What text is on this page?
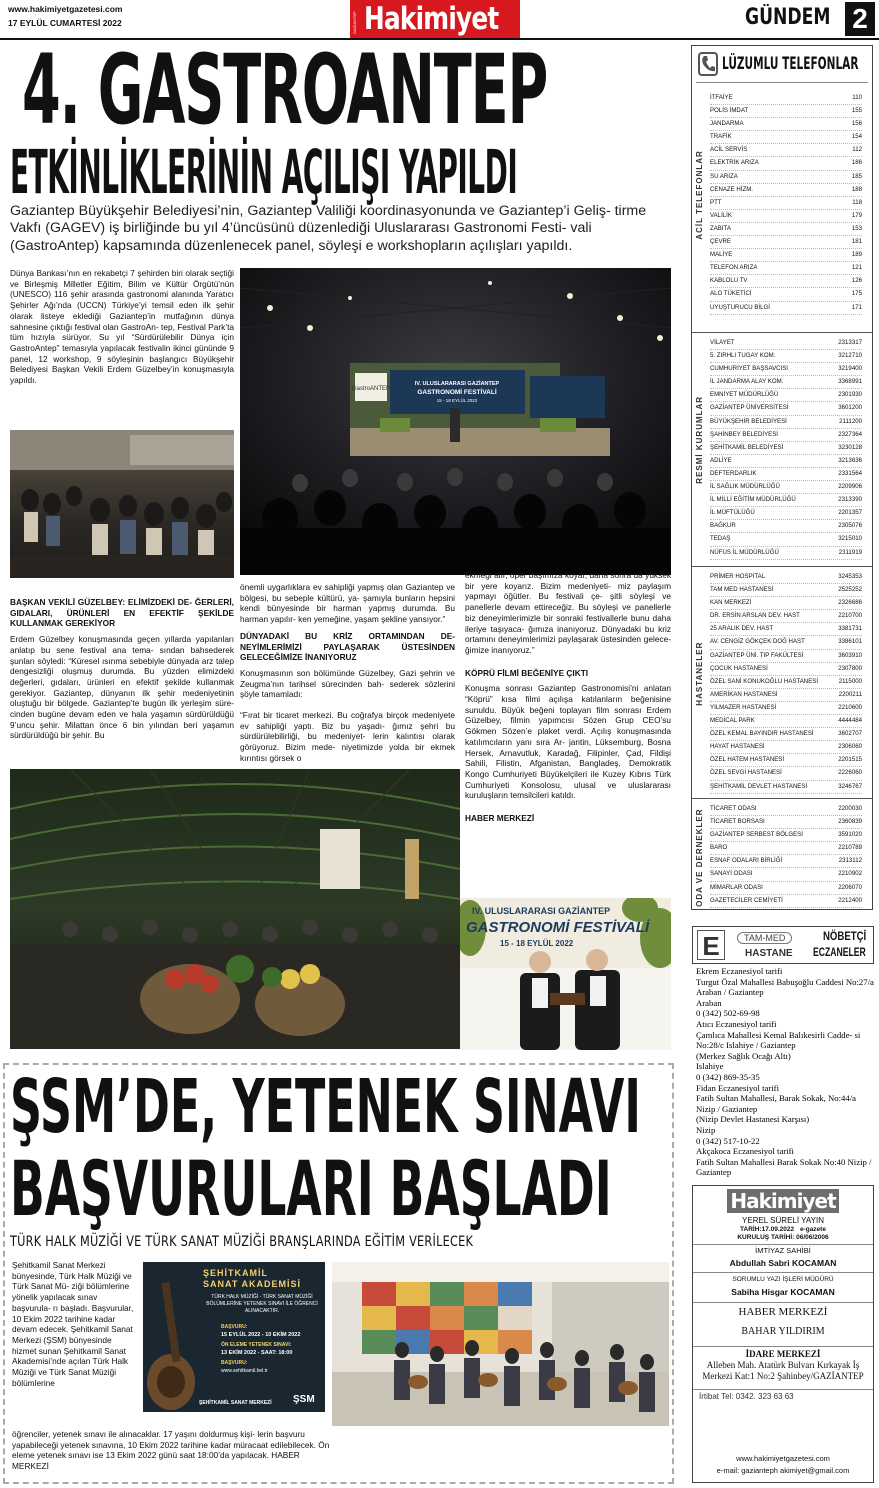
www.hakimiyetgazetesi.com
17 EYLÜL CUMARTESİ 2022	GAZİANTEP Hakimiyet	GÜNDEM 2
4. GASTROANTEP
ETKİNLİKLERİNİN AÇILIŞI YAPILDI
Gaziantep Büyükşehir Belediyesi’nin, Gaziantep Valiliği koordinasyonunda ve Gaziantep’i Geliş- tirme Vakfı (GAGEV) iş birliğinde bu yıl 4’üncüsünü düzenlediği Uluslararası Gastronomi Festi- vali (GastroAntep) kapsamında düzenlenecek panel, söyleşi e workshopların açılışları yapıldı.
Dünya Bankası’nın en rekabetçi 7 şehirden biri olarak seçtiği ve Birleşmiş Milletler Eğitim, Bilim ve Kültür Örgütü’nün (UNESCO) 116 şehir arasında gastronomi alanında Yaratıcı Şehirler Ağı’nda (UCCN) Türkiye’yi temsil eden ilk şehir olarak listeye eklediği Gaziantep’in mutfağının dünya sahnesine çıktığı festival olan GastroAn- tep, Festival Park’ta tüm hızıyla sürüyor. Su yıl “Sürdürülebilir Dünya için GastroAntep” temasıyla yapılacak festivalin ikinci gününde 9 panel, 12 workshop, 9 söyleşinin başlangıcı Büyükşehir Belediyesi Başkan Vekili Erdem Güzelbey’in konuşmasıyla yapıldı.

BAŞKAN VEKİLİ GÜZELBEY: ELİMİZDEKİ DE- ĞERLERİ, GIDALARI, ÜRÜNLERİ EN EFEKTİF ŞEKİLDE KULLANMAK GEREKİYOR

Erdem Güzelbey konuşmasında geçen yıllarda yapılanları anlatıp bu sene festival ana tema- sından bahsederek şunları söyledi: “Küresel ısınma sebebiyle dünyada arz talep dengesizliği oluşmuş durumda. Bu yüzden elimizdeki değerleri, gıdaları, ürünleri en efektif şekilde kullanmak gerekiyor. Gaziantep, dünyanın ilk şehir medeniyetinin oluştuğu bir bölgede. Gaziantep’te bugün ilk yerleşim süre- cinden bugüne devam eden ve hala yaşamın sürdürüldüğü 9’uncu şehir. Milattan önce 6 bin yılından beri yaşamın sürdürüldüğü bir şehir. Bu

IV. ULUSLARARASI GAZİANTEP
GASTRONOMİ FESTİVALİ
15 - 18 EYLÜL 2022
GastroANTEP

önemli uygarlıklara ev sahipliği yapmış olan Gaziantep ve bölgesi, bu sebeple kültürü, ya- şamıyla bunların hepsini kendi bünyesinde bir harman yapmış durumda. Bu harman yapılır- ken yemeğine, yaşam şekline yansıyor.”

DÜNYADAKİ BU KRİZ ORTAMINDAN DE- NEYİMLERİMİZİ PAYLAŞARAK ÜSTESİNDEN GELECEĞİMİZE İNANIYORUZ

Konuşmasının son bölümünde Güzelbey, Gazi şehrin ve Zeugma’nın tarihsel sürecinden bah- sederek sözlerini şöyle tamamladı:

“Fırat bir ticaret merkezi. Bu coğrafya birçok medeniyete ev sahipliği yaptı. Biz bu yaşadı- ğımız şehri bu sürdürülebilirliği, bu medeniyet- lerin kalıntısı olarak görüyoruz. Bizim mede- niyetimizde yolda bir ekmek kırıntısı görsek o

ekmeği alır, öper başımıza koyar, daha sonra da yüksek bir yere koyarız. Bizim medeniyeti- miz paylaşım yapmayı öğütler. Bu festivali çe- şitli söyleşi ve panellerle devam ettireceğiz. Bu söyleşi ve panellerle biz deneyimlerimizle bir sonraki festivallerle bunu daha ileriye taşıyaca- ğımıza inanıyoruz. Dünyadaki bu kriz ortamını deneyimlerimizi paylaşarak üstesinden gelece- ğimize inanıyoruz.”

KÖPRÜ FİLMİ BEĞENİYE ÇIKTI

Konuşma sonrası Gaziantep Gastronomisi’ni anlatan “Köprü” kısa filmi açılışa katılanların beğenisine sunuldu. Büyük beğeni toplayan film sonrası Erdem Güzelbey, filmin yapımcısı Sözen Grup CEO’su Gökmen Sözen’e plaket verdi. Açılış konuşmasında katılımcıların yanı sıra Ar- jantin, Lüksemburg, Bosna Hersek, Arnavutluk, Karadağ, Filipinler, Çad, Fildişi Sahili, Filistin, Afganistan, Bangladeş, Demokratik Kongo Cumhuriyeti Büyükelçileri ile Kuzey Kıbrıs Türk Cumhuriyeti Konsolosu, ulusal ve uluslararası kuruluşların temsilcileri katıldı.

HABER MERKEZİ

IV. ULUSLARARASI GAZİANTEP
GASTRONOMİ FESTİVALİ
15 - 18 EYLÜL 2022
ŞSM’DE, YETENEK SINAVI
BAŞVURULARI BAŞLADI
TÜRK HALK MÜZİĞİ VE TÜRK SANAT MÜZİĞİ BRANŞLARINDA EĞİTİM VERİLECEK
Şehitkamil Sanat Merkezi bünyesinde, Türk Halk Müziği ve Türk Sanat Mü- ziği bölümlerine yönelik yapılacak sınav başvurula- rı başladı. Başvurular, 10 Ekim 2022 tarihine kadar devam edecek. Şehitkamil Sanat Merkezi (ŞSM) bünyesinde hizmet sunan Şehitkamil Sanat Akademisi’nde açılan Türk Halk Müziği ve Türk Sanat Müziği bölümlerine
öğrenciler, yetenek sınavı ile alınacaklar. 17 yaşını doldurmuş kişi- lerin başvuru yapabileceği yetenek sınavına, 10 Ekim 2022 tarihine kadar müracaat edilebilecek. Ön eleme yetenek sınavı ise 13 Ekim 2022 günü saat 18:00’da yapılacak. HABER MERKEZİ
ŞEHİTKAMİL
SANAT AKADEMİSİ
TÜRK HALK MÜZİĞİ - TÜRK SANAT MÜZİĞİ BÖLÜMLERİNE YETENEK SINAVI İLE ÖĞRENCİ ALINACAKTIR.
BAŞVURU:
15 EYLÜL 2022 - 10 EKİM 2022
ÖN ELEME YETENEK SINAVI:
13 EKİM 2022 - SAAT: 18:00
BAŞVURU:
www.sehitkamil.bel.tr
ŞEHİTKAMİL SANAT MERKEZİ ŞSM
LÜZUMLU TELEFONLAR
ACİL TELEFONLAR
İTFAİYE	110
POLİS İMDAT	155
JANDARMA	156
TRAFİK	154
ACİL SERVİS	112
ELEKTRİK ARIZA	186
SU ARIZA	185
CENAZE HİZM.	188
PTT	118
VALİLİK	179
ZABITA	153
ÇEVRE	181
MALİYE	189
TELEFON ARIZA	121
KABLOLU TV	126
ALO TÜKETİCİ	175
UYUŞTURUCU BİLGİ	171
RESMİ KURUMLAR
VİLAYET	2313317
5. ZIRHLI TUGAY KOM.	3212710
CUMHURİYET BAŞSAVCISI	3219400
İL JANDARMA ALAY KOM.	3368991
EMNİYET MÜDÜRLÜĞÜ	2301930
GAZİANTEP ÜNİVERSİTESİ	3601200
BÜYÜKŞEHİR BELEDİYESİ	2111200
ŞAHİNBEY BELEDİYESİ	2327364
ŞEHİTKAMİL BELEDİYESİ	3230128
ADLİYE	3213636
DEFTERDARLIK	2331564
İL SAĞLIK MÜDÜRLÜĞÜ	2209906
İL MİLLİ EĞİTİM MÜDÜRLÜĞÜ	2313390
İL MÜFTÜLÜĞÜ	2201357
BAĞKUR	2305076
TEDAŞ	3215010
NÜFUS İL MÜDÜRLÜĞÜ	2311919
HASTANELER
PRİMER HOSPİTAL	3245353
TAM MED HASTANESİ	2525252
KAN MERKEZİ	2326686
DR. ERSİN ARSLAN DEV. HAST	2210700
25 ARALIK DEV. HAST	3381731
AV. CENGİZ GÖKÇEK DOĞ HAST	3386101
GAZİANTEP ÜNİ. TIP FAKÜLTESİ	3603910
ÇOCUK HASTANESİ	2307800
ÖZEL SANİ KONUKOĞLU HASTANESİ	2115000
AMERİKAN HASTANESİ	2200211
YILMAZER HASTANESİ	2210600
MEDİCAL PARK	4444484
ÖZEL KEMAL BAYINDIR HASTANESİ	3602707
HAYAT HASTANESİ	2306060
ÖZEL HATEM HASTANESİ	2201515
ÖZEL SEVGİ HASTANESİ	2226060
ŞEHİTKAMİL DEVLET HASTANESİ	3246767
ODA VE DERNEKLER TİCARET ODASI	2200030
TİCARET BORSASI	2360839
GAZİANTEP SERBEST BÖLGESİ	3591020
BARO	2210789
ESNAF ODALARI BİRLİĞİ	2313112
SANAYİ ODASI	2210902
MİMARLAR ODASI	2206070
GAZETECİLER CEMİYETİ	2212400
E	TAM-MED
HASTANE
NÖBETÇİ
ECZANELER
Ekrem Eczanesiyol tarifi
Turgut Özal Mahallesi Babuşoğlu Caddesi No:27/a Araban / Gaziantep
Araban
0 (342) 502-69-98
Atıcı Eczanesiyol tarifi
Çamlıca Mahallesi Kemal Balıkesirli Cadde- si No:28/c Islahiye / Gaziantep
(Merkez Sağlık Ocağı Altı)
Islahiye
0 (342) 869-35-35
Fidan Eczanesiyol tarifi
Fatih Sultan Mahallesi, Barak Sokak, No:44/a Nizip / Gaziantep
(Nizip Devlet Hastanesi Karşısı)
Nizip
0 (342) 517-10-22
Akçakoca Eczanesiyol tarifi
Fatih Sultan Mahallesi Barak Sokak No:40 Nizip / Gaziantep
Hakimiyet
YEREL SÜRELİ YAYIN
TARİH:17.09.2022 e-gazete
KURULUŞ TARİHİ: 06/06/2006
İMTİYAZ SAHİBİ
Abdullah Sabri KOCAMAN
SORUMLU YAZI İŞLERİ MÜDÜRÜ
Sabiha Hisgar KOCAMAN
HABER MERKEZİ
BAHAR YILDIRIM
İDARE MERKEZİ
Alleben Mah. Atatürk Bulvarı Kırkayak İş Merkezi Kat:1 No:2 Şahinbey/GAZİANTEP
İrtibat Tel: 0342. 323 63 63
www.hakimiyetgazetesi.com
e-mail: gazianteph akimiyet@gmail.com
